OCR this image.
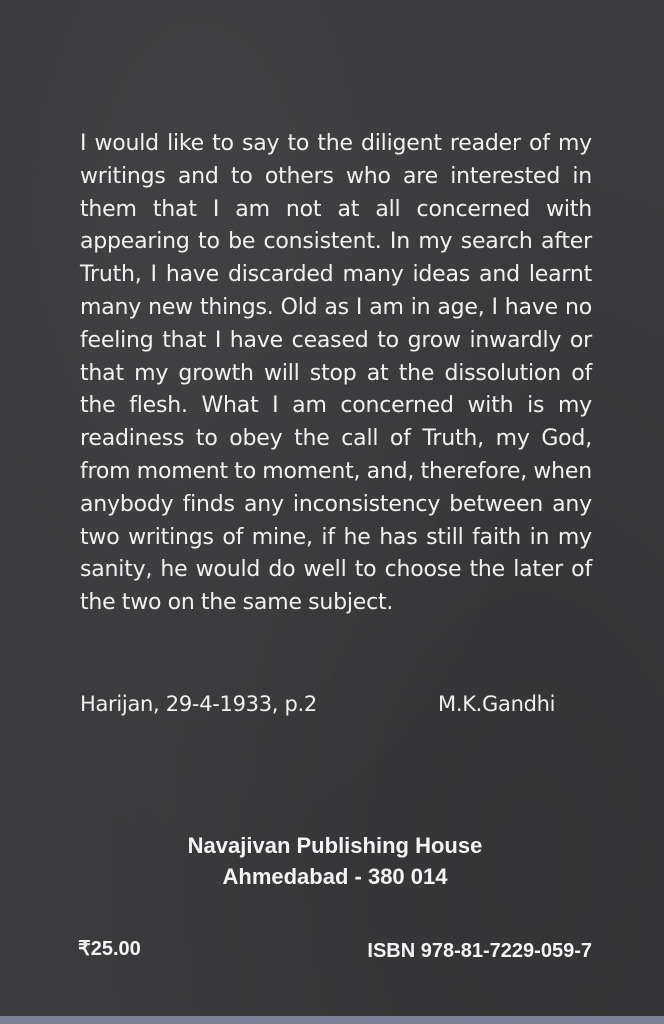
I would like to say to the diligent reader of my writings and to others who are interested in them that I am not at all concerned with appearing to be consistent. In my search after Truth, I have discarded many ideas and learnt many new things. Old as I am in age, I have no feeling that I have ceased to grow inwardly or that my growth will stop at the dissolution of the flesh. What I am concerned with is my readiness to obey the call of Truth, my God, from moment to moment, and, therefore, when anybody finds any inconsistency between any two writings of mine, if he has still faith in my sanity, he would do well to choose the later of the two on the same subject.

Harijan, 29-4-1933, p.2	M.K.Gandhi

Navajivan Publishing House
Ahmedabad - 380 014
₹25.00	ISBN 978-81-7229-059-7
